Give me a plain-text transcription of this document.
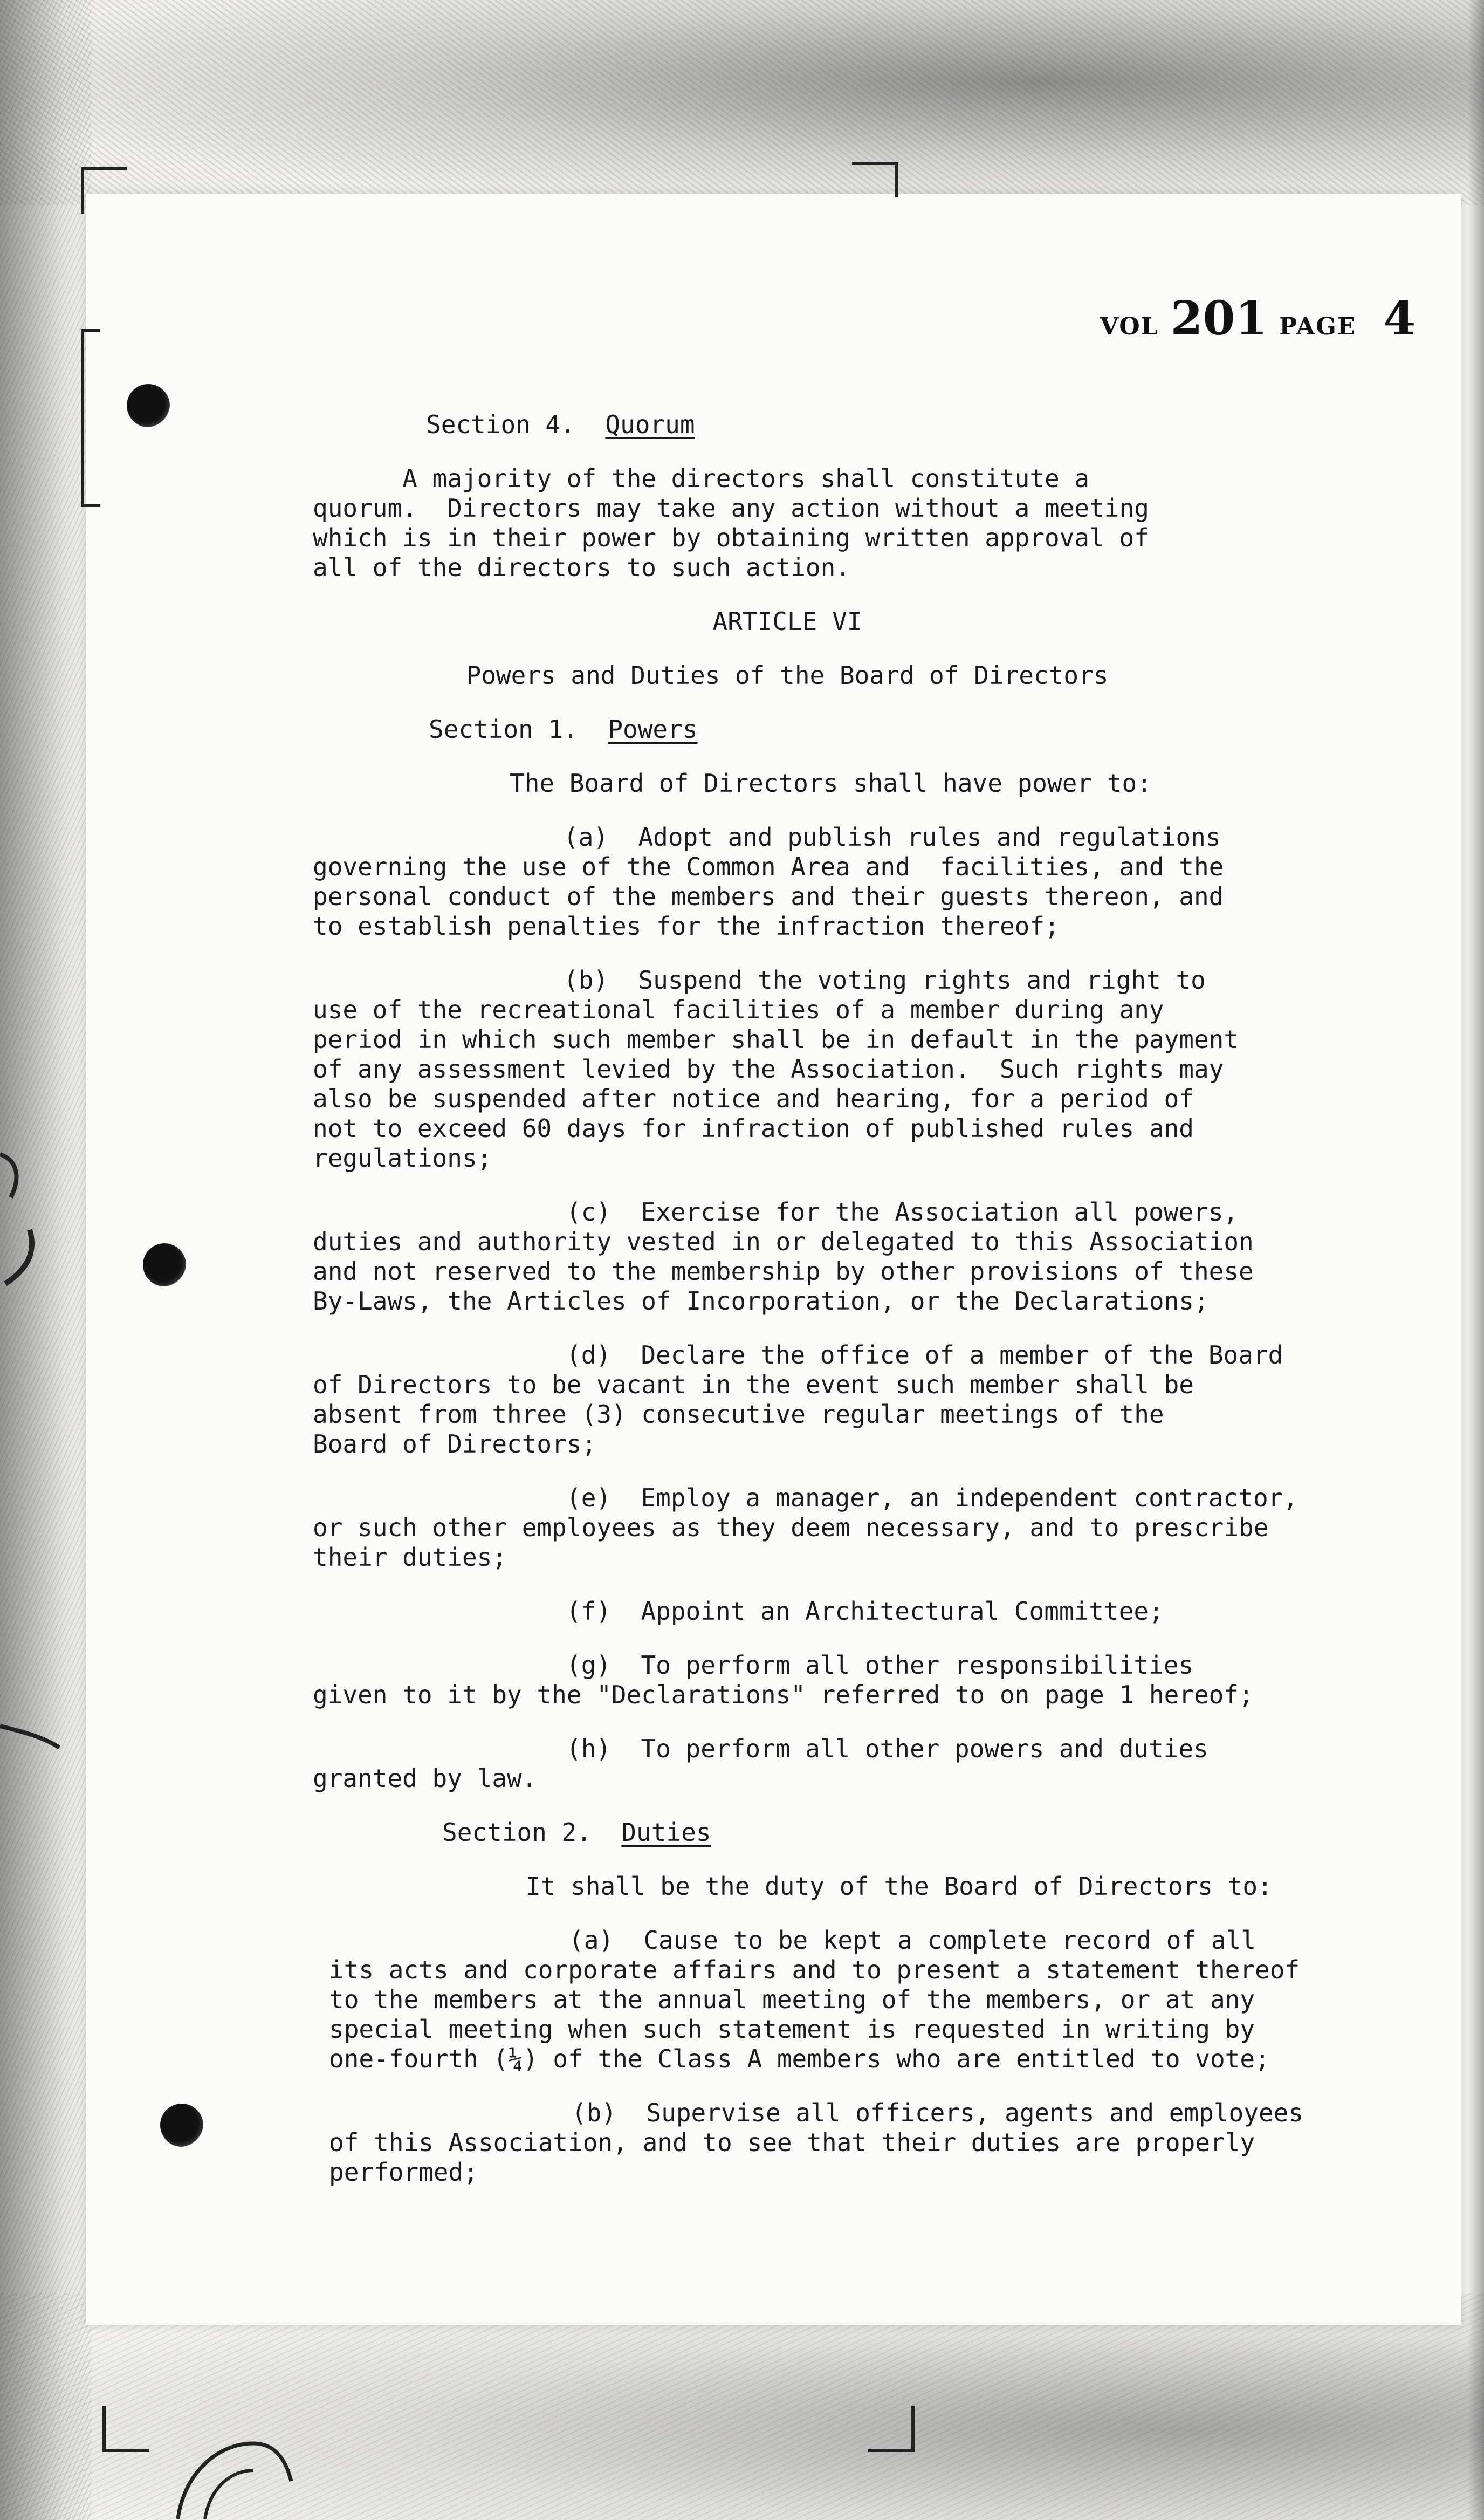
VOL 201 PAGE 4
Section 4. Quorum
A majority of the directors shall constitute a
quorum.  Directors may take any action without a meeting
which is in their power by obtaining written approval of
all of the directors to such action.
ARTICLE VI
Powers and Duties of the Board of Directors
Section 1. Powers
The Board of Directors shall have power to:
(a)  Adopt and publish rules and regulations
governing the use of the Common Area and  facilities, and the
personal conduct of the members and their guests thereon, and
to establish penalties for the infraction thereof;
(b)  Suspend the voting rights and right to
use of the recreational facilities of a member during any
period in which such member shall be in default in the payment
of any assessment levied by the Association.  Such rights may
also be suspended after notice and hearing, for a period of
not to exceed 60 days for infraction of published rules and
regulations;
(c)  Exercise for the Association all powers,
duties and authority vested in or delegated to this Association
and not reserved to the membership by other provisions of these
By-Laws, the Articles of Incorporation, or the Declarations;
(d)  Declare the office of a member of the Board
of Directors to be vacant in the event such member shall be
absent from three (3) consecutive regular meetings of the
Board of Directors;
(e)  Employ a manager, an independent contractor,
or such other employees as they deem necessary, and to prescribe
their duties;
(f)  Appoint an Architectural Committee;
(g)  To perform all other responsibilities
given to it by the "Declarations" referred to on page 1 hereof;
(h)  To perform all other powers and duties
granted by law.
Section 2. Duties
It shall be the duty of the Board of Directors to:
(a)  Cause to be kept a complete record of all
its acts and corporate affairs and to present a statement thereof
to the members at the annual meeting of the members, or at any
special meeting when such statement is requested in writing by
one-fourth (¼) of the Class A members who are entitled to vote;
(b)  Supervise all officers, agents and employees
of this Association, and to see that their duties are properly
performed;
